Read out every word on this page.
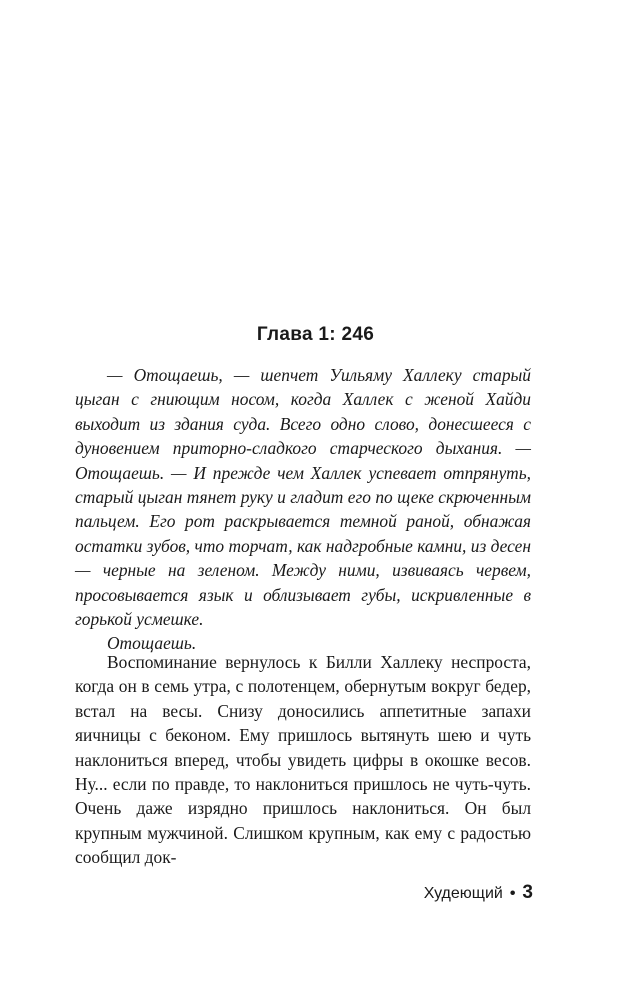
Глава 1: 246

— Отощаешь, — шепчет Уильяму Халлеку старый цыган с гниющим носом, когда Халлек с женой Хайди выходит из здания суда. Всего одно слово, донесшееся с дуновением приторно-сладкого старческого дыхания. — Отощаешь. — И прежде чем Халлек успевает отпрянуть, старый цыган тянет руку и гладит его по щеке скрюченным пальцем. Его рот раскрывается темной раной, обнажая остатки зубов, что торчат, как надгробные камни, из десен — черные на зеленом. Между ними, извиваясь червем, просовывается язык и облизывает губы, искривленные в горькой усмешке.

Отощаешь.

Воспоминание вернулось к Билли Халлеку неспроста, когда он в семь утра, с полотенцем, обернутым вокруг бедер, встал на весы. Снизу доносились аппетитные запахи яичницы с беконом. Ему пришлось вытянуть шею и чуть наклониться вперед, чтобы увидеть цифры в окошке весов. Ну... если по правде, то наклониться пришлось не чуть-чуть. Очень даже изрядно пришлось наклониться. Он был крупным мужчиной. Слишком крупным, как ему с радостью сообщил док-

Худеющий • 3
